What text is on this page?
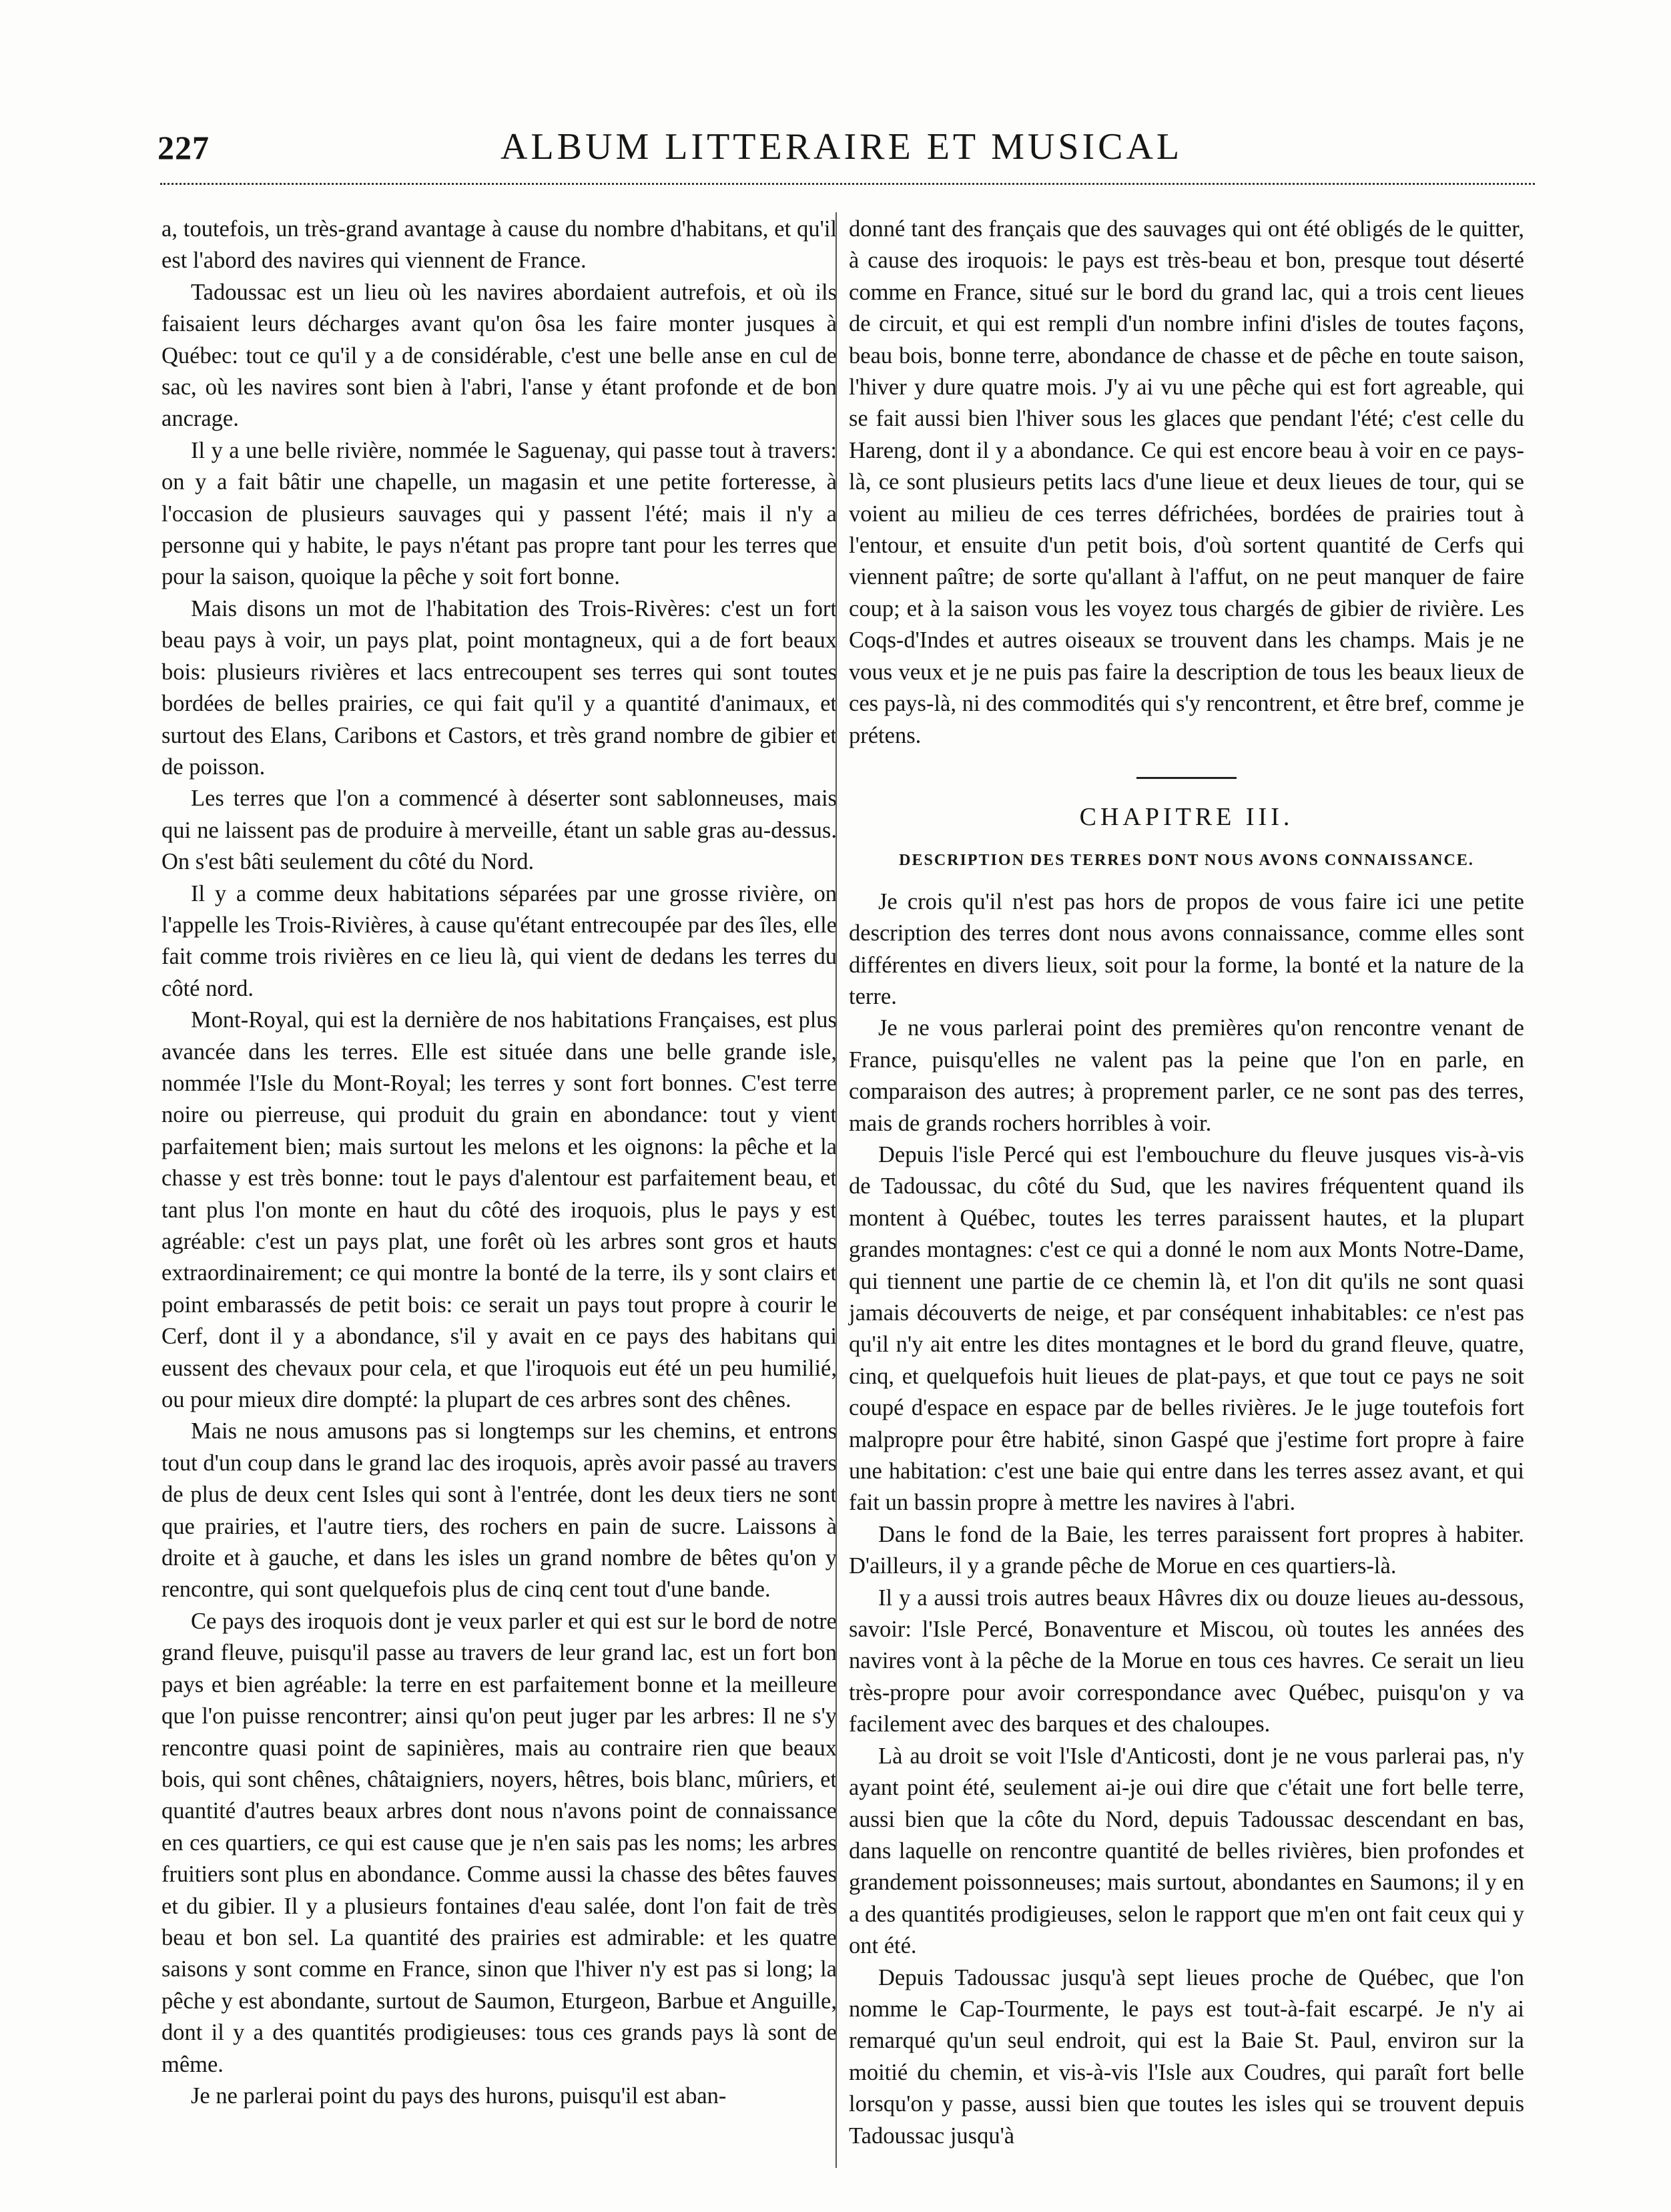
227	ALBUM LITTERAIRE ET MUSICAL

a, toutefois, un très-grand avantage à cause du nombre d'habitans, et qu'il est l'abord des navires qui viennent de France.

Tadoussac est un lieu où les navires abordaient autrefois, et où ils faisaient leurs décharges avant qu'on ôsa les faire monter jusques à Québec: tout ce qu'il y a de considérable, c'est une belle anse en cul de sac, où les navires sont bien à l'abri, l'anse y étant profonde et de bon ancrage.

Il y a une belle rivière, nommée le Saguenay, qui passe tout à travers: on y a fait bâtir une chapelle, un magasin et une petite forteresse, à l'occasion de plusieurs sauvages qui y passent l'été; mais il n'y a personne qui y habite, le pays n'étant pas propre tant pour les terres que pour la saison, quoique la pêche y soit fort bonne.

Mais disons un mot de l'habitation des Trois-Rivères: c'est un fort beau pays à voir, un pays plat, point montagneux, qui a de fort beaux bois: plusieurs rivières et lacs entrecoupent ses terres qui sont toutes bordées de belles prairies, ce qui fait qu'il y a quantité d'animaux, et surtout des Elans, Caribons et Castors, et très grand nombre de gibier et de poisson.

Les terres que l'on a commencé à déserter sont sablonneuses, mais qui ne laissent pas de produire à merveille, étant un sable gras au-dessus. On s'est bâti seulement du côté du Nord.

Il y a comme deux habitations séparées par une grosse rivière, on l'appelle les Trois-Rivières, à cause qu'étant entrecoupée par des îles, elle fait comme trois rivières en ce lieu là, qui vient de dedans les terres du côté nord.

Mont-Royal, qui est la dernière de nos habitations Françaises, est plus avancée dans les terres. Elle est située dans une belle grande isle, nommée l'Isle du Mont-Royal; les terres y sont fort bonnes. C'est terre noire ou pierreuse, qui produit du grain en abondance: tout y vient parfaitement bien; mais surtout les melons et les oignons: la pêche et la chasse y est très bonne: tout le pays d'alentour est parfaitement beau, et tant plus l'on monte en haut du côté des iroquois, plus le pays y est agréable: c'est un pays plat, une forêt où les arbres sont gros et hauts extraordinairement; ce qui montre la bonté de la terre, ils y sont clairs et point embarassés de petit bois: ce serait un pays tout propre à courir le Cerf, dont il y a abondance, s'il y avait en ce pays des habitans qui eussent des chevaux pour cela, et que l'iroquois eut été un peu humilié, ou pour mieux dire dompté: la plupart de ces arbres sont des chênes.

Mais ne nous amusons pas si longtemps sur les chemins, et entrons tout d'un coup dans le grand lac des iroquois, après avoir passé au travers de plus de deux cent Isles qui sont à l'entrée, dont les deux tiers ne sont que prairies, et l'autre tiers, des rochers en pain de sucre. Laissons à droite et à gauche, et dans les isles un grand nombre de bêtes qu'on y rencontre, qui sont quelquefois plus de cinq cent tout d'une bande.

Ce pays des iroquois dont je veux parler et qui est sur le bord de notre grand fleuve, puisqu'il passe au travers de leur grand lac, est un fort bon pays et bien agréable: la terre en est parfaitement bonne et la meilleure que l'on puisse rencontrer; ainsi qu'on peut juger par les arbres: Il ne s'y rencontre quasi point de sapinières, mais au contraire rien que beaux bois, qui sont chênes, châtaigniers, noyers, hêtres, bois blanc, mûriers, et quantité d'autres beaux arbres dont nous n'avons point de connaissance en ces quartiers, ce qui est cause que je n'en sais pas les noms; les arbres fruitiers sont plus en abondance. Comme aussi la chasse des bêtes fauves et du gibier. Il y a plusieurs fontaines d'eau salée, dont l'on fait de très beau et bon sel. La quantité des prairies est admirable: et les quatre saisons y sont comme en France, sinon que l'hiver n'y est pas si long; la pêche y est abondante, surtout de Saumon, Eturgeon, Barbue et Anguille, dont il y a des quantités prodigieuses: tous ces grands pays là sont de même.

Je ne parlerai point du pays des hurons, puisqu'il est aban-

donné tant des français que des sauvages qui ont été obligés de le quitter, à cause des iroquois: le pays est très-beau et bon, presque tout déserté comme en France, situé sur le bord du grand lac, qui a trois cent lieues de circuit, et qui est rempli d'un nombre infini d'isles de toutes façons, beau bois, bonne terre, abondance de chasse et de pêche en toute saison, l'hiver y dure quatre mois. J'y ai vu une pêche qui est fort agreable, qui se fait aussi bien l'hiver sous les glaces que pendant l'été; c'est celle du Hareng, dont il y a abondance. Ce qui est encore beau à voir en ce pays-là, ce sont plusieurs petits lacs d'une lieue et deux lieues de tour, qui se voient au milieu de ces terres défrichées, bordées de prairies tout à l'entour, et ensuite d'un petit bois, d'où sortent quantité de Cerfs qui viennent paître; de sorte qu'allant à l'affut, on ne peut manquer de faire coup; et à la saison vous les voyez tous chargés de gibier de rivière. Les Coqs-d'Indes et autres oiseaux se trouvent dans les champs. Mais je ne vous veux et je ne puis pas faire la description de tous les beaux lieux de ces pays-là, ni des commodités qui s'y rencontrent, et être bref, comme je prétens.

CHAPITRE III.
DESCRIPTION DES TERRES DONT NOUS AVONS CONNAISSANCE.

Je crois qu'il n'est pas hors de propos de vous faire ici une petite description des terres dont nous avons connaissance, comme elles sont différentes en divers lieux, soit pour la forme, la bonté et la nature de la terre.

Je ne vous parlerai point des premières qu'on rencontre venant de France, puisqu'elles ne valent pas la peine que l'on en parle, en comparaison des autres; à proprement parler, ce ne sont pas des terres, mais de grands rochers horribles à voir.

Depuis l'isle Percé qui est l'embouchure du fleuve jusques vis-à-vis de Tadoussac, du côté du Sud, que les navires fréquentent quand ils montent à Québec, toutes les terres paraissent hautes, et la plupart grandes montagnes: c'est ce qui a donné le nom aux Monts Notre-Dame, qui tiennent une partie de ce chemin là, et l'on dit qu'ils ne sont quasi jamais découverts de neige, et par conséquent inhabitables: ce n'est pas qu'il n'y ait entre les dites montagnes et le bord du grand fleuve, quatre, cinq, et quelquefois huit lieues de plat-pays, et que tout ce pays ne soit coupé d'espace en espace par de belles rivières. Je le juge toutefois fort malpropre pour être habité, sinon Gaspé que j'estime fort propre à faire une habitation: c'est une baie qui entre dans les terres assez avant, et qui fait un bassin propre à mettre les navires à l'abri.

Dans le fond de la Baie, les terres paraissent fort propres à habiter. D'ailleurs, il y a grande pêche de Morue en ces quartiers-là.

Il y a aussi trois autres beaux Hâvres dix ou douze lieues au-dessous, savoir: l'Isle Percé, Bonaventure et Miscou, où toutes les années des navires vont à la pêche de la Morue en tous ces havres. Ce serait un lieu très-propre pour avoir correspondance avec Québec, puisqu'on y va facilement avec des barques et des chaloupes.

Là au droit se voit l'Isle d'Anticosti, dont je ne vous parlerai pas, n'y ayant point été, seulement ai-je oui dire que c'était une fort belle terre, aussi bien que la côte du Nord, depuis Tadoussac descendant en bas, dans laquelle on rencontre quantité de belles rivières, bien profondes et grandement poissonneuses; mais surtout, abondantes en Saumons; il y en a des quantités prodigieuses, selon le rapport que m'en ont fait ceux qui y ont été.

Depuis Tadoussac jusqu'à sept lieues proche de Québec, que l'on nomme le Cap-Tourmente, le pays est tout-à-fait escarpé. Je n'y ai remarqué qu'un seul endroit, qui est la Baie St. Paul, environ sur la moitié du chemin, et vis-à-vis l'Isle aux Coudres, qui paraît fort belle lorsqu'on y passe, aussi bien que toutes les isles qui se trouvent depuis Tadoussac jusqu'à
